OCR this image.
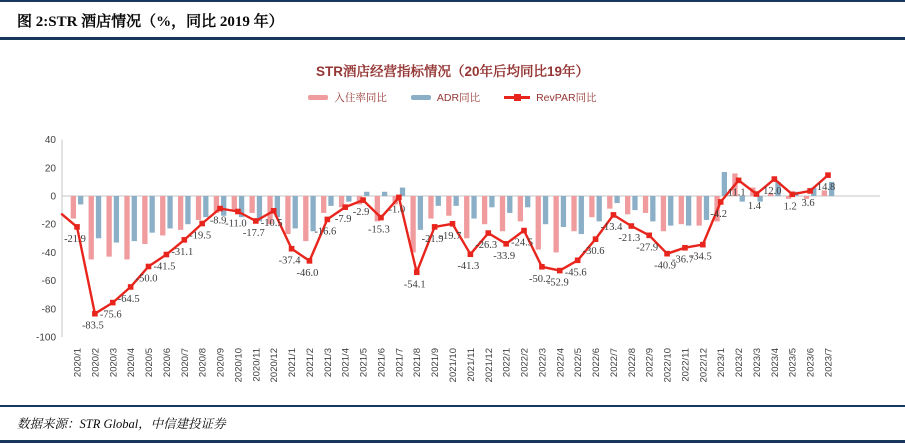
图 2:STR 酒店情况（%，同比 2019 年）
STR酒店经营指标情况（20年后均同比19年）
入住率同比	ADR同比	RevPAR同比
40
20
0
-20
-40
-60
-80
-100
2020/1 2020/2 2020/3 2020/4 2020/5 2020/6 2020/7 2020/8 2020/9 2020/10 2020/11 2020/12 2021/1 2021/2 2021/3 2021/4 2021/5 2021/6 2021/7 2021/8 2021/9 2021/10 2021/11 2021/12 2022/1 2022/2 2022/3 2022/4 2022/5 2022/6 2022/7 2022/8 2022/9 2022/10 2022/11 2022/12 2023/1 2023/2 2023/3 2023/4 2023/5 2023/6 2023/7
-21.9
-83.5
-75.6
-64.5
-50.0
-41.5
-31.1
-19.5
-8.9
-11.0
-17.7
-10.5
-37.4
-46.0
-16.6
-7.9
-2.9
-15.3
-1.0
-54.1
-21.9
-19.7
-41.3
-26.3
-33.9
-24.5
-50.2
-52.9
-45.6
-30.6
-13.4
-21.3
-27.9
-40.9
-36.7
-34.5
-4.2
11.1
1.4
12.0
1.2 3.6
14.8
数据来源：STR Global，中信建投证券
